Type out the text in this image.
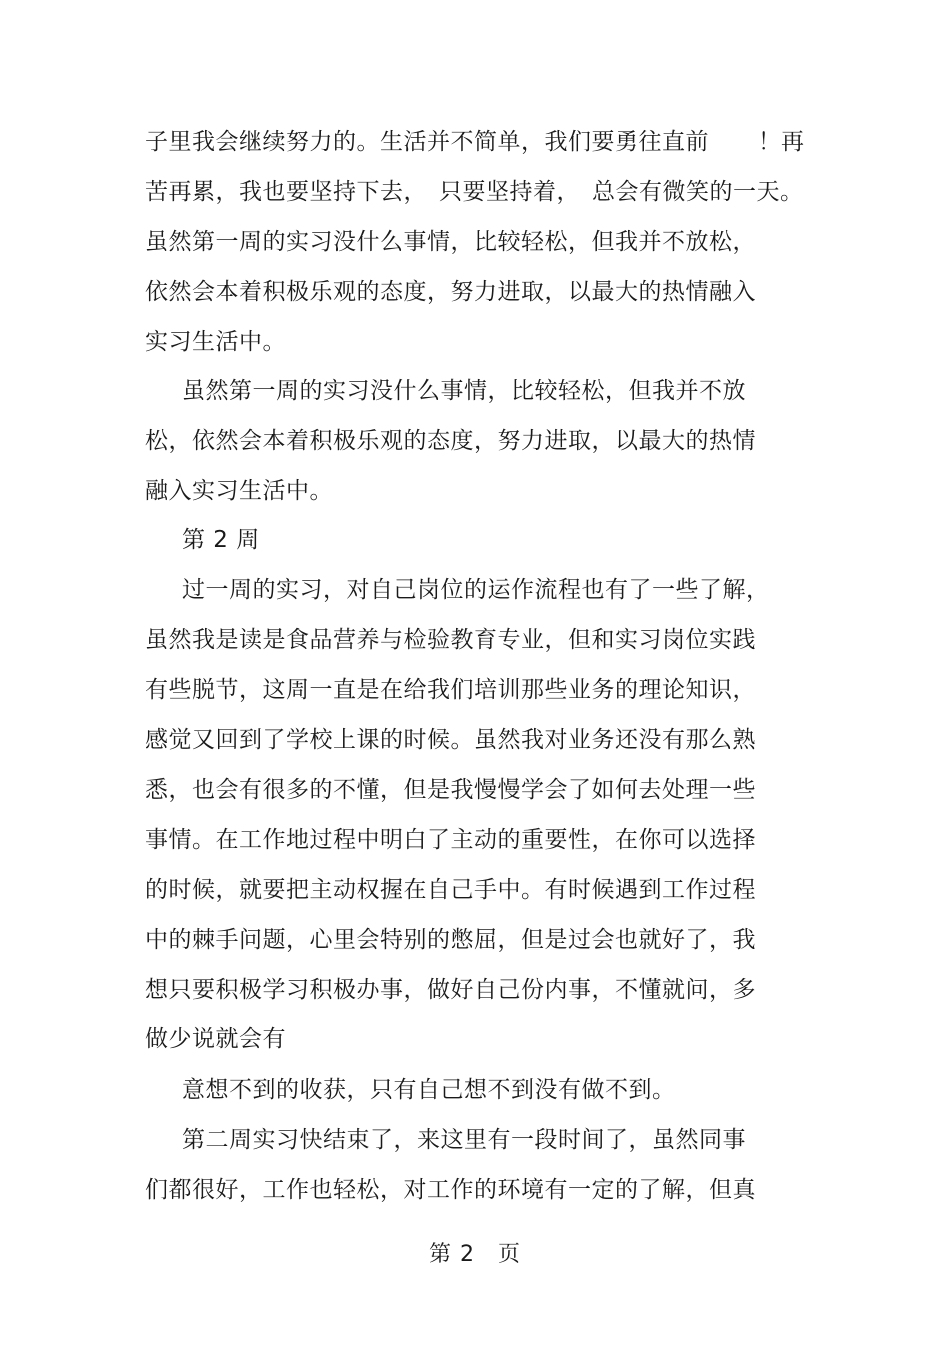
子里我会继续努力的。生活并不简单，我们要勇往直前 ！再
苦再累，我也要坚持下去，　只要坚持着，　总会有微笑的一天。
虽然第一周的实习没什么事情，比较轻松，但我并不放松，
依然会本着积极乐观的态度，努力进取，以最大的热情融入
实习生活中。
虽然第一周的实习没什么事情，比较轻松，但我并不放
松，依然会本着积极乐观的态度，努力进取，以最大的热情
融入实习生活中。
第 2 周
过一周的实习，对自己岗位的运作流程也有了一些了解，
虽然我是读是食品营养与检验教育专业，但和实习岗位实践
有些脱节，这周一直是在给我们培训那些业务的理论知识，
感觉又回到了学校上课的时候。虽然我对业务还没有那么熟
悉，也会有很多的不懂，但是我慢慢学会了如何去处理一些
事情。在工作地过程中明白了主动的重要性，在你可以选择
的时候，就要把主动权握在自己手中。有时候遇到工作过程
中的棘手问题，心里会特别的憋屈，但是过会也就好了，我
想只要积极学习积极办事，做好自己份内事，不懂就问，多
做少说就会有
意想不到的收获，只有自己想不到没有做不到。
第二周实习快结束了，来这里有一段时间了，虽然同事
们都很好，工作也轻松，对工作的环境有一定的了解，但真
第 2　页
